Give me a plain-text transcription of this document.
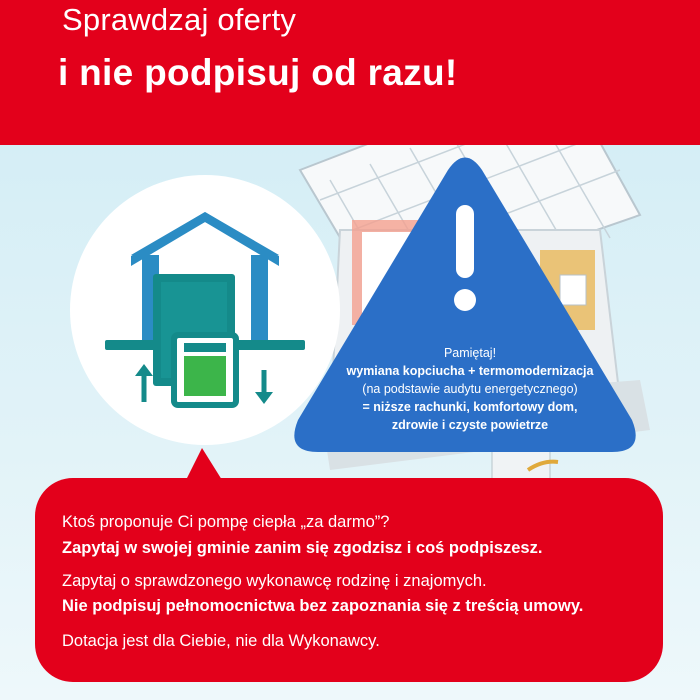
Sprawdzaj oferty
i nie podpisuj od razu!
Pamiętaj!
wymiana kopciucha + termomodernizacja
(na podstawie audytu energetycznego)
= niższe rachunki, komfortowy dom,
zdrowie i czyste powietrze
Ktoś proponuje Ci pompę ciepła „za darmo”?
Zapytaj w swojej gminie zanim się zgodzisz i coś podpiszesz.
Zapytaj o sprawdzonego wykonawcę rodzinę i znajomych.
Nie podpisuj pełnomocnictwa bez zapoznania się z treścią umowy.
Dotacja jest dla Ciebie, nie dla Wykonawcy.
